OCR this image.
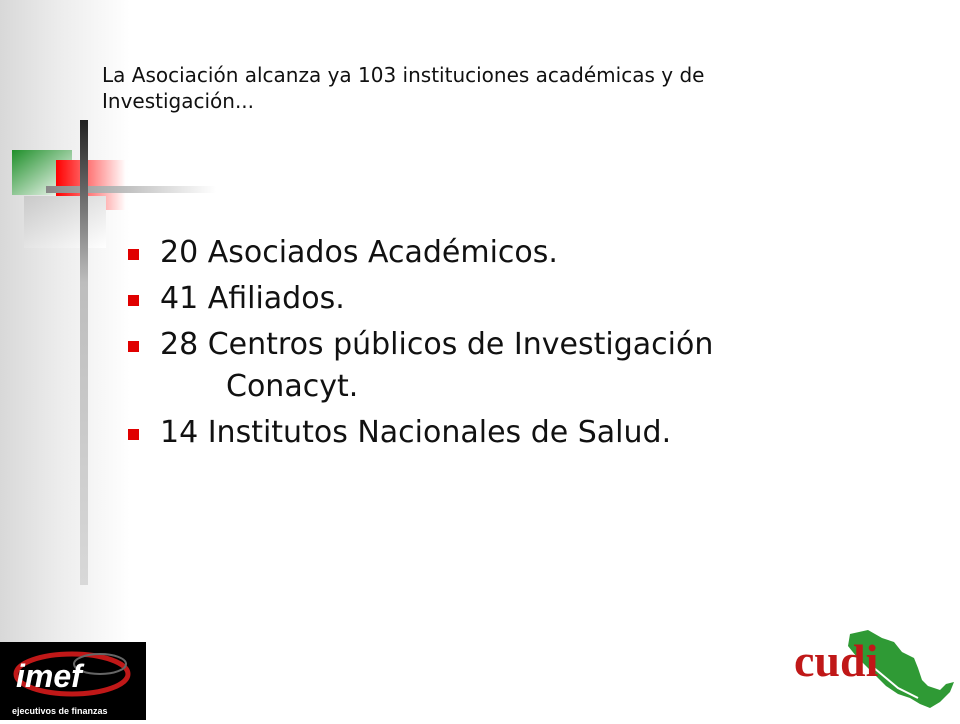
La Asociación alcanza ya 103 instituciones académicas y de
Investigación...
20 Asociados Académicos.
41 Afiliados.
28 Centros públicos de Investigación
Conacyt.
14 Institutos Nacionales de Salud.
imef
ejecutivos de finanzas
cudi
